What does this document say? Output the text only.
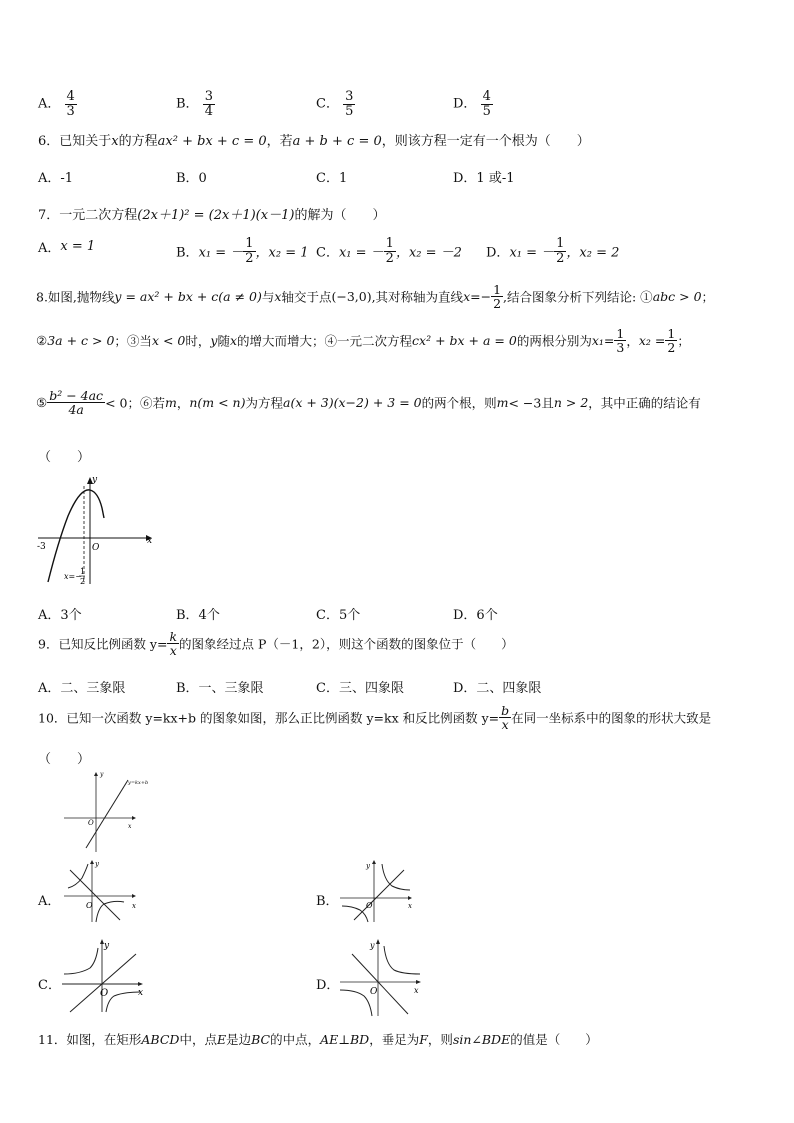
A． $\frac{4}{3}$	B． $\frac{3}{4}$	C． $\frac{3}{5}$	D． $\frac{4}{5}$
6．已知关于x的方程ax² + bx + c = 0，若a + b + c = 0，则该方程一定有一个根为（　　）
A．-1	B．0	C．1	D．1 或-1
7．一元二次方程(2x＋1)² = (2x＋1)(x－1)的解为（　　）
A．x = 1	B．x₁ = － $\frac{1}{2}$ ，x₂ = 1 C．x₁ = － $\frac{1}{2}$ ，x₂ = －2 D．x₁ = － $\frac{1}{2}$ ，x₂ = 2
8.如图,抛物线y = ax² + bx + c(a ≠ 0)与x轴交于点(−3,0),其对称轴为直线$x=- \frac{1}{2}$ ,结合图象分析下列结论: ①abc > 0；
②3a + c > 0；③当x < 0时，y随x的增大而增大；④一元二次方程cx² + bx + a = 0的两根分别为$x_1= \frac{1}{3}$ ，$x_2 = \frac{1}{2}$ ；
⑤ $\frac{\text{b² − 4ac}}{4a} < 0$；⑥若m，n(m < n)为方程a(x + 3)(x−2) + 3 = 0的两个根，则m< −3且n > 2，其中正确的结论有
（　　）
y
x
O
-3
x=−
1
2
A．3个	B．4个	C．5个	D．6个
9．已知反比例函数 $y= \frac{k}{x}$ 的图象经过点 P（－1，2），则这个函数的图象位于（　　）
A．二、三象限	B．一、三象限	C．三、四象限	D．二、四象限
10．已知一次函数 y=kx+b 的图象如图，那么正比例函数 y=kx 和反比例函数 $y= \frac{b}{x}$ 在同一坐标系中的图象的形状大致是
（　　）
y
x
O
y=kx+b
A．
y
x
O	B．
y
x
O
C．
y
x
O
D．
y
x
O
11．如图，在矩形ABCD中，点E是边BC的中点，AE⊥BD，垂足为F，则sin∠BDE的值是（　　）
